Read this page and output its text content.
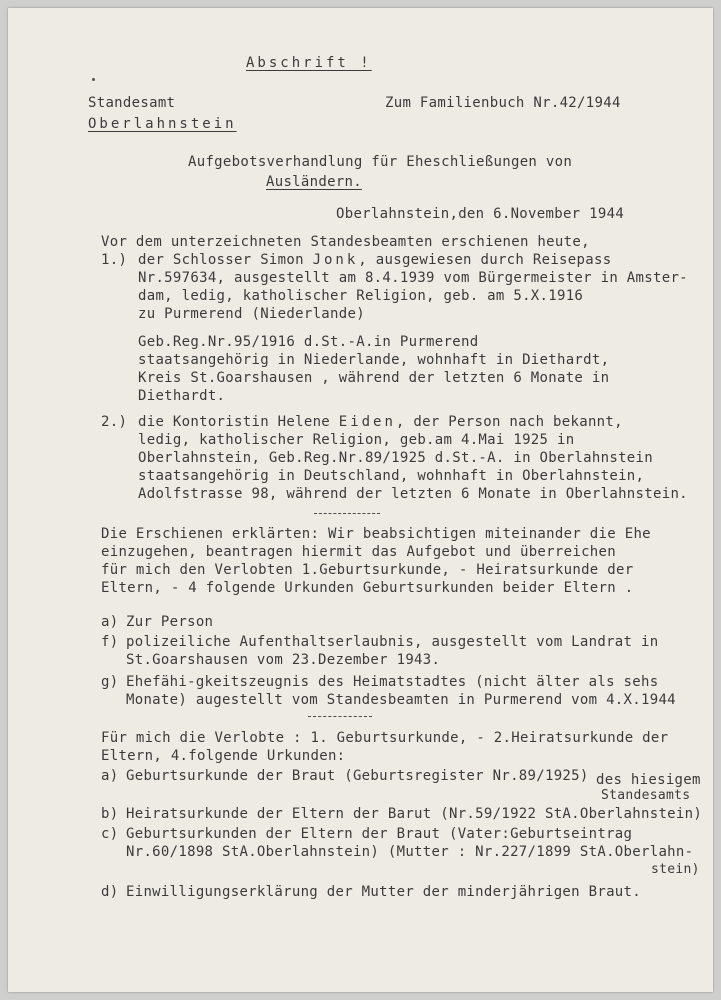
Abschrift !
Standesamt	Zum Familienbuch Nr.42/1944
Oberlahnstein
Aufgebotsverhandlung für Eheschließungen von
Ausländern.
Oberlahnstein,den 6.November 1944
Vor dem unterzeichneten Standesbeamten erschienen heute,
1.) der Schlosser Simon Jonk, ausgewiesen durch Reisepass
Nr.597634, ausgestellt am 8.4.1939 vom Bürgermeister in Amster-
dam, ledig, katholischer Religion, geb. am 5.X.1916
zu Purmerend (Niederlande)
Geb.Reg.Nr.95/1916 d.St.-A.in Purmerend
staatsangehörig in Niederlande, wohnhaft in Diethardt,
Kreis St.Goarshausen , während der letzten 6 Monate in
Diethardt.
2.) die Kontoristin Helene Eiden, der Person nach bekannt,
ledig, katholischer Religion, geb.am 4.Mai 1925 in
Oberlahnstein, Geb.Reg.Nr.89/1925 d.St.-A. in Oberlahnstein
staatsangehörig in Deutschland, wohnhaft in Oberlahnstein,
Adolfstrasse 98, während der letzten 6 Monate in Oberlahnstein.
Die Erschienen erklärten: Wir beabsichtigen miteinander die Ehe
einzugehen, beantragen hiermit das Aufgebot und überreichen
für mich den Verlobten 1.Geburtsurkunde, - Heiratsurkunde der
Eltern, - 4 folgende Urkunden Geburtsurkunden beider Eltern .
a) Zur Person
f) polizeiliche Aufenthaltserlaubnis, ausgestellt vom Landrat in
St.Goarshausen vom 23.Dezember 1943.
g) Ehefähi-gkeitszeugnis des Heimatstadtes (nicht älter als sehs
Monate) augestellt vom Standesbeamten in Purmerend vom 4.X.1944
Für mich die Verlobte : 1. Geburtsurkunde, - 2.Heiratsurkunde der
Eltern, 4.folgende Urkunden:
a) Geburtsurkunde der Braut (Geburtsregister Nr.89/1925) des hiesigem
Standesamts
b) Heiratsurkunde der Eltern der Barut (Nr.59/1922 StA.Oberlahnstein)
c) Geburtsurkunden der Eltern der Braut (Vater:Geburtseintrag
Nr.60/1898 StA.Oberlahnstein) (Mutter : Nr.227/1899 StA.Oberlahn-
stein)
d) Einwilligungserklärung der Mutter der minderjährigen Braut.
